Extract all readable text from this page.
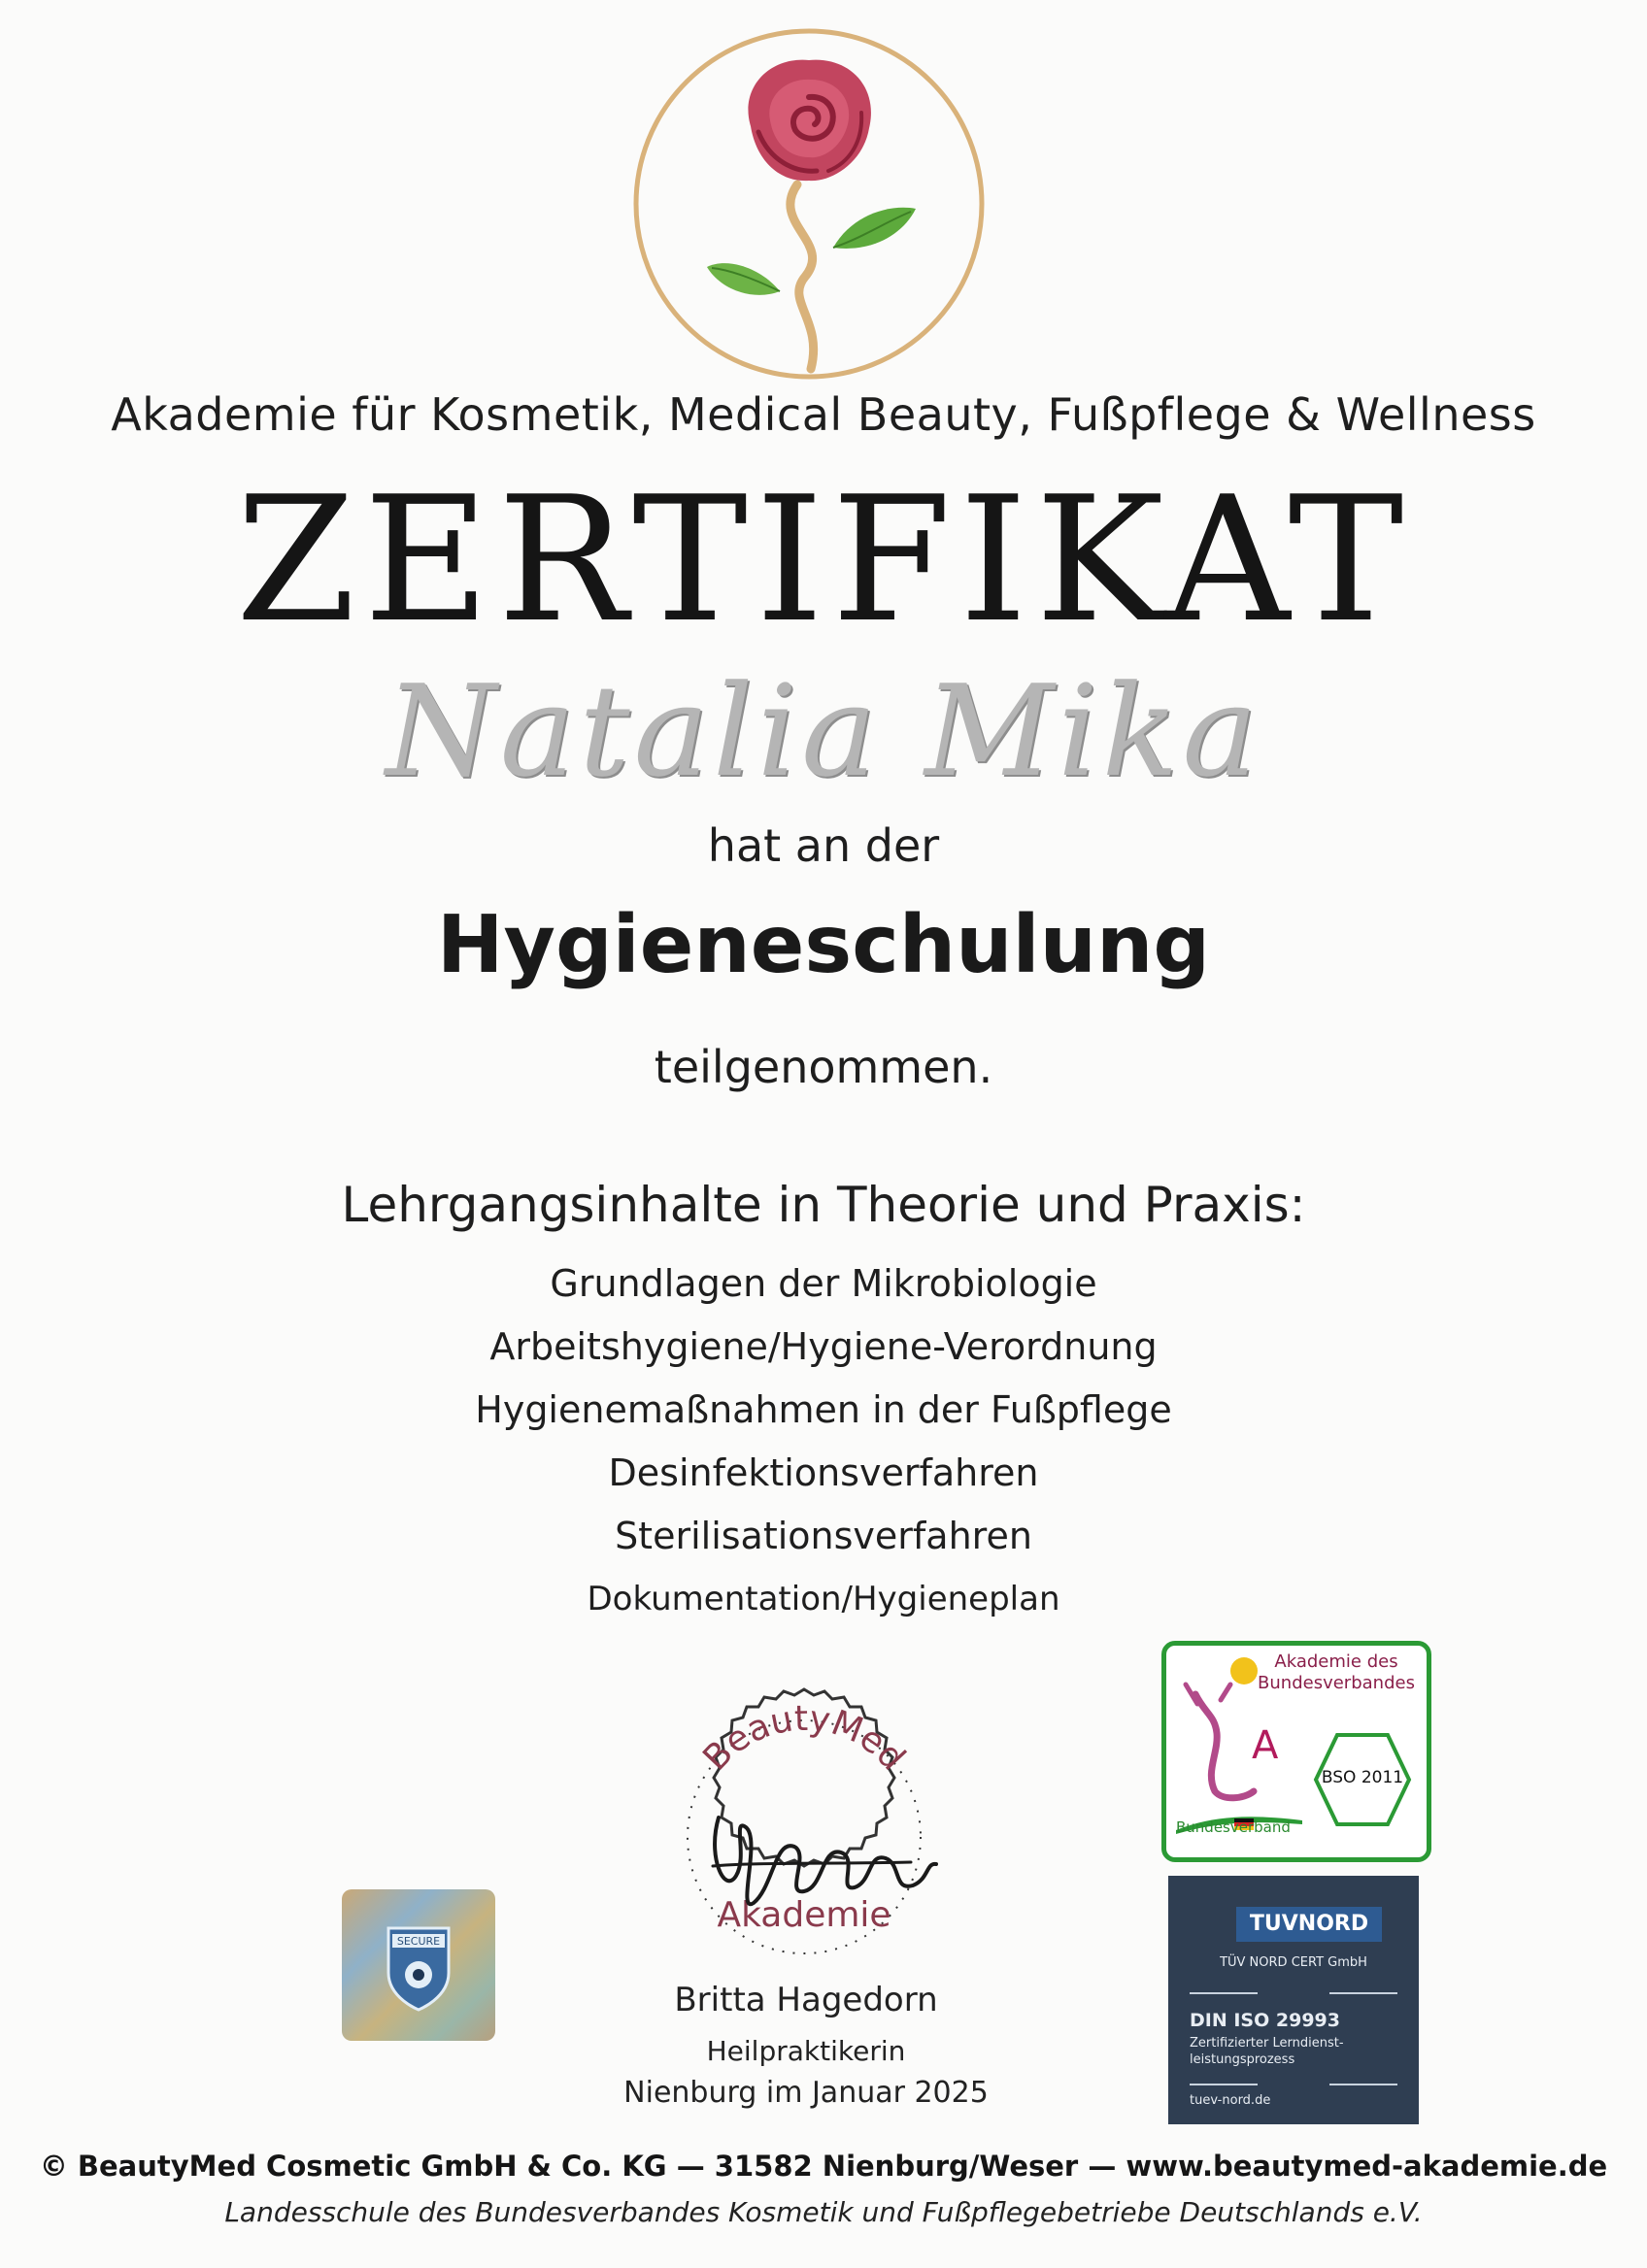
Akademie für Kosmetik, Medical Beauty, Fußpflege & Wellness
ZERTIFIKAT
Natalia Mika
hat an der
Hygieneschulung
teilgenommen.
Lehrgangsinhalte in Theorie und Praxis:
Grundlagen der Mikrobiologie
Arbeitshygiene/Hygiene-Verordnung
Hygienemaßnahmen in der Fußpflege
Desinfektionsverfahren
Sterilisationsverfahren
Dokumentation/Hygieneplan
SECURE
BeautyMed
Akademie
Britta Hagedorn
Heilpraktikerin
Nienburg im Januar 2025
Akademie des Bundesverbandes
A
BSO 2011
Bundesverband
TUVNORD
TÜV NORD CERT GmbH
DIN ISO 29993
Zertifizierter Lerndienst-leistungsprozess
tuev-nord.de
© BeautyMed Cosmetic GmbH & Co. KG — 31582 Nienburg/Weser — www.beautymed-akademie.de
Landesschule des Bundesverbandes Kosmetik und Fußpflegebetriebe Deutschlands e.V.
